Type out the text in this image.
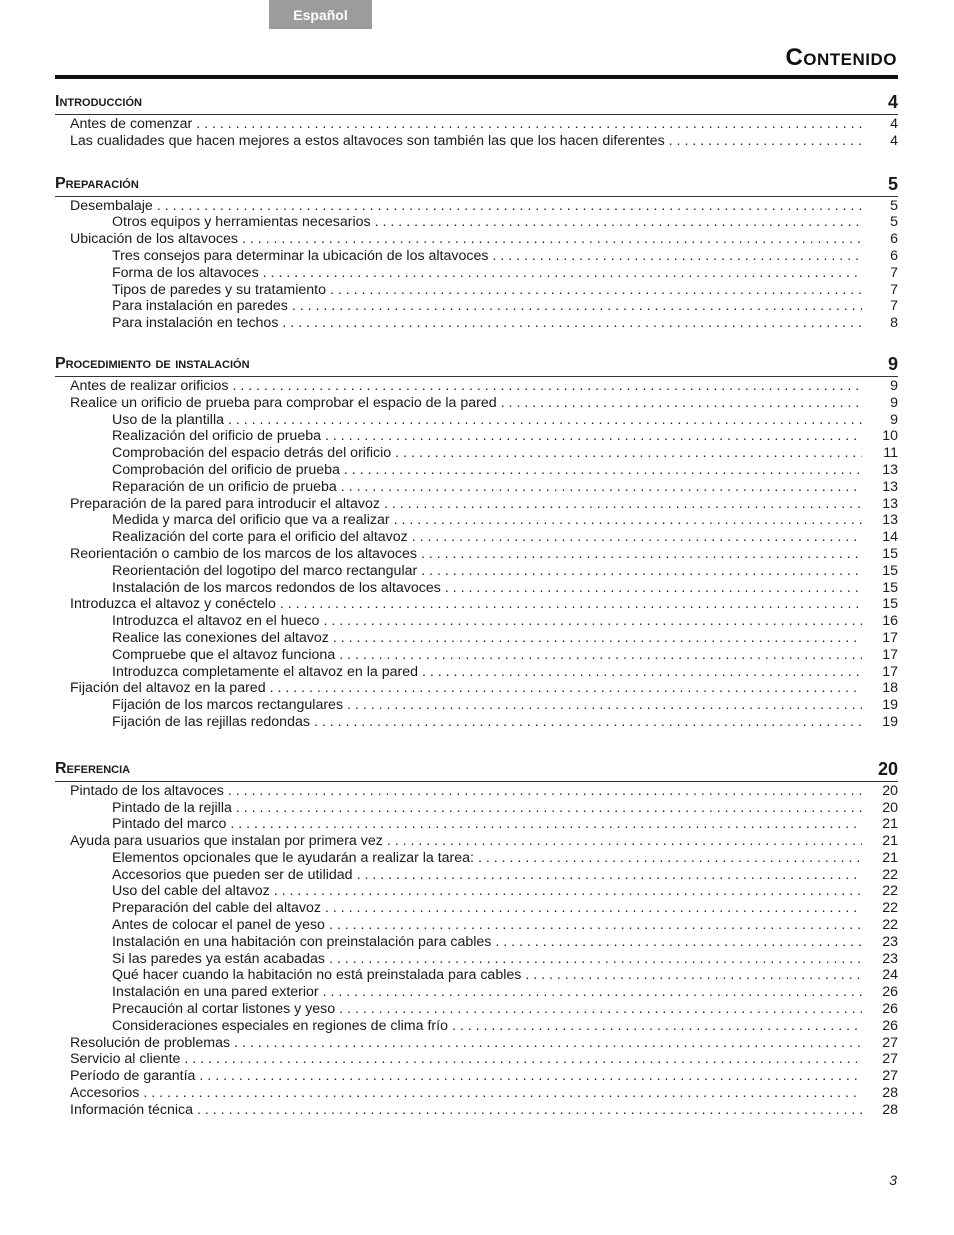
Español
Contenido
Introducción	4
Antes de comenzar . . .	4
Las cualidades que hacen mejores a estos altavoces son también las que los hacen diferentes . . .	4
Preparación	5
Desembalaje . . .	5
Otros equipos y herramientas necesarios . . .	5
Ubicación de los altavoces . . .	6
Tres consejos para determinar la ubicación de los altavoces . . .	6
Forma de los altavoces . . .	7
Tipos de paredes y su tratamiento . . .	7
Para instalación en paredes . . .	7
Para instalación en techos . . .	8
Procedimiento de instalación	9
Antes de realizar orificios . . .	9
Realice un orificio de prueba para comprobar el espacio de la pared . . .	9
Uso de la plantilla . . .	9
Realización del orificio de prueba . . .	10
Comprobación del espacio detrás del orificio . . .	11
Comprobación del orificio de prueba . . .	13
Reparación de un orificio de prueba . . .	13
Preparación de la pared para introducir el altavoz . . .	13
Medida y marca del orificio que va a realizar . . .	13
Realización del corte para el orificio del altavoz . . .	14
Reorientación o cambio de los marcos de los altavoces . . .	15
Reorientación del logotipo del marco rectangular . . .	15
Instalación de los marcos redondos de los altavoces . . .	15
Introduzca el altavoz y conéctelo . . .	15
Introduzca el altavoz en el hueco . . .	16
Realice las conexiones del altavoz . . .	17
Compruebe que el altavoz funciona . . .	17
Introduzca completamente el altavoz en la pared . . .	17
Fijación del altavoz en la pared . . .	18
Fijación de los marcos rectangulares . . .	19
Fijación de las rejillas redondas . . .	19
Referencia	20
Pintado de los altavoces . . .	20
Pintado de la rejilla . . .	20
Pintado del marco . . .	21
Ayuda para usuarios que instalan por primera vez . . .	21
Elementos opcionales que le ayudarán a realizar la tarea: . . .	21
Accesorios que pueden ser de utilidad . . .	22
Uso del cable del altavoz . . .	22
Preparación del cable del altavoz . . .	22
Antes de colocar el panel de yeso . . .	22
Instalación en una habitación con preinstalación para cables . . .	23
Si las paredes ya están acabadas . . .	23
Qué hacer cuando la habitación no está preinstalada para cables . . .	24
Instalación en una pared exterior . . .	26
Precaución al cortar listones y yeso . . .	26
Consideraciones especiales en regiones de clima frío . . .	26
Resolución de problemas . . .	27
Servicio al cliente . . .	27
Período de garantía . . .	27
Accesorios . . .	28
Información técnica . . .	28
3
